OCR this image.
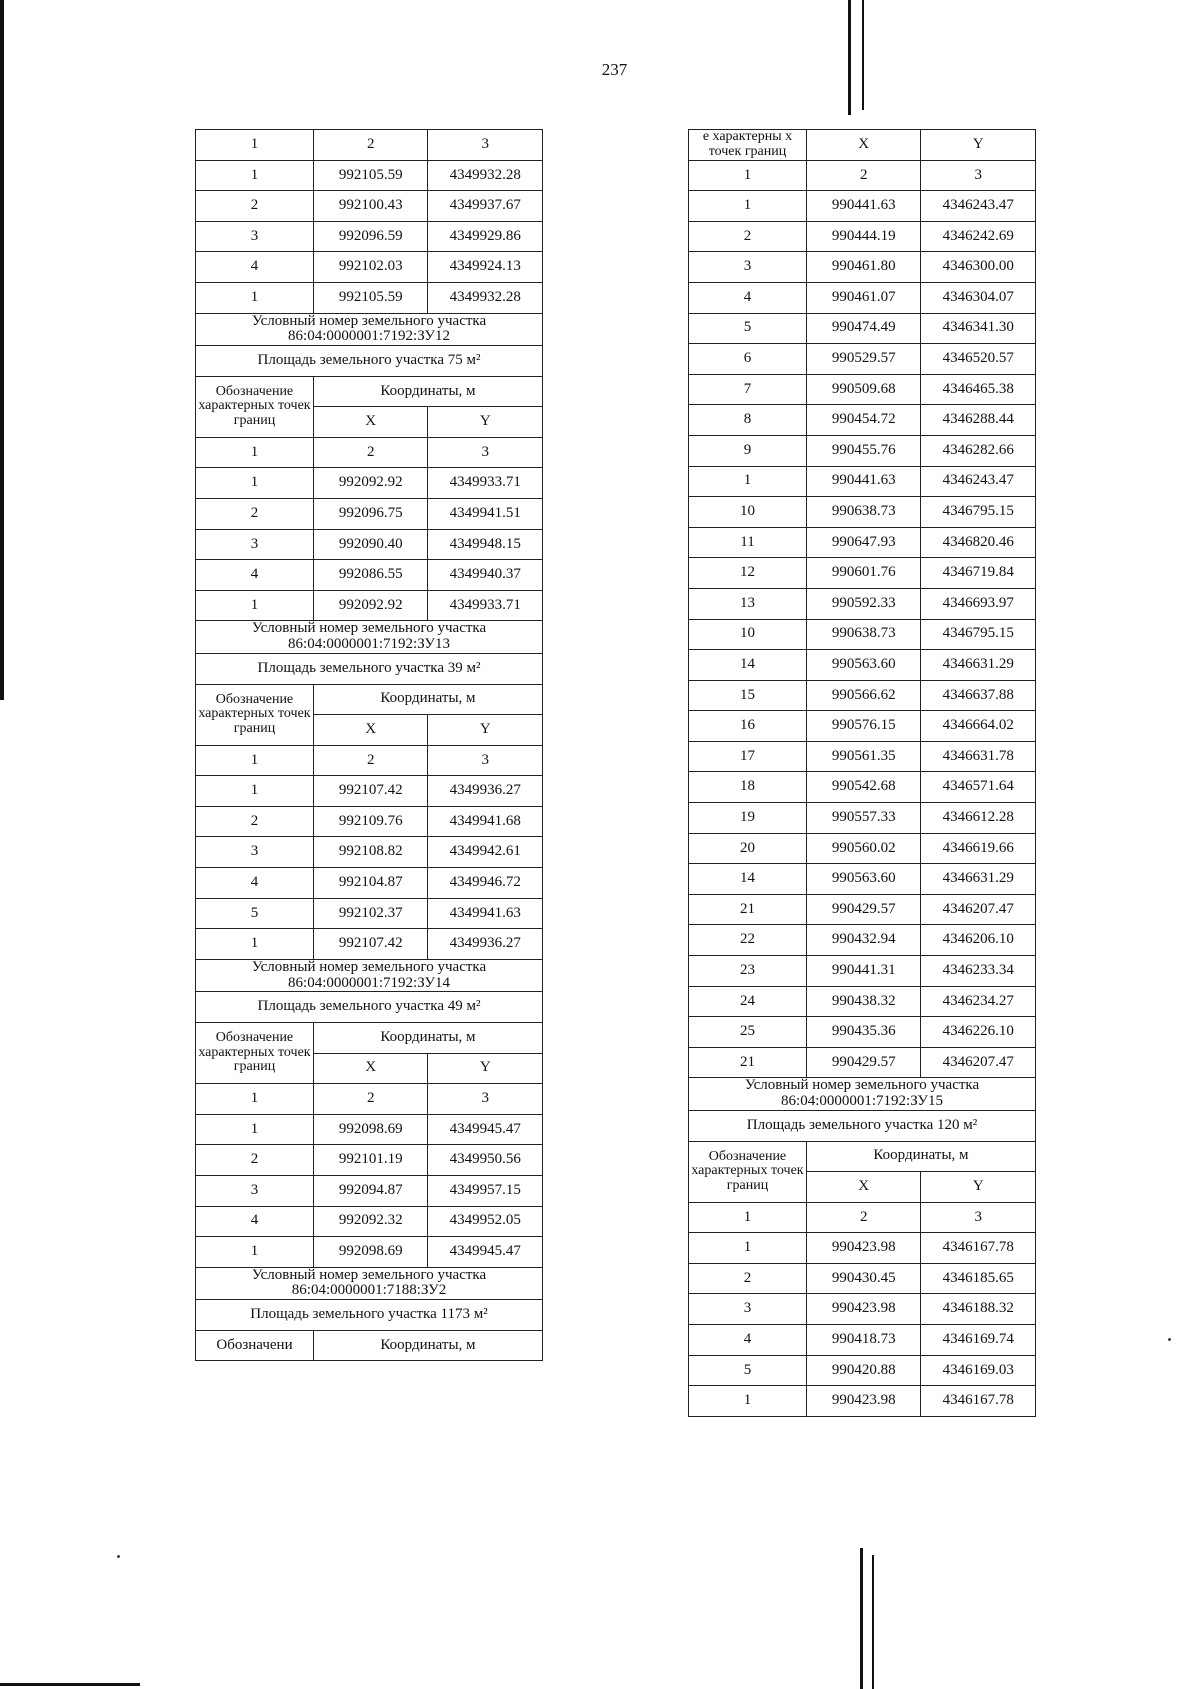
237
1	2	3
1	992105.59	4349932.28
2	992100.43	4349937.67
3	992096.59	4349929.86
4	992102.03	4349924.13
1	992105.59	4349932.28
Условный номер земельного участка 86:04:0000001:7192:ЗУ12		
Площадь земельного участка 75 м²		
Обозначение характерных точек границ	Координаты, м	
	X	Y
1	2	3
1	992092.92	4349933.71
2	992096.75	4349941.51
3	992090.40	4349948.15
4	992086.55	4349940.37
1	992092.92	4349933.71
Условный номер земельного участка 86:04:0000001:7192:ЗУ13		
Площадь земельного участка 39 м²		
Обозначение характерных точек границ	Координаты, м	
	X	Y
1	2	3
1	992107.42	4349936.27
2	992109.76	4349941.68
3	992108.82	4349942.61
4	992104.87	4349946.72
5	992102.37	4349941.63
1	992107.42	4349936.27
Условный номер земельного участка 86:04:0000001:7192:ЗУ14		
Площадь земельного участка 49 м²		
Обозначение характерных точек границ	Координаты, м	
	X	Y
1	2	3
1	992098.69	4349945.47
2	992101.19	4349950.56
3	992094.87	4349957.15
4	992092.32	4349952.05
1	992098.69	4349945.47
Условный номер земельного участка 86:04:0000001:7188:ЗУ2		
Площадь земельного участка 1173 м²		
Обозначени	Координаты, м	
е характерны х точек границ	X	Y
1	2	3
1	990441.63	4346243.47
2	990444.19	4346242.69
3	990461.80	4346300.00
4	990461.07	4346304.07
5	990474.49	4346341.30
6	990529.57	4346520.57
7	990509.68	4346465.38
8	990454.72	4346288.44
9	990455.76	4346282.66
1	990441.63	4346243.47
10	990638.73	4346795.15
11	990647.93	4346820.46
12	990601.76	4346719.84
13	990592.33	4346693.97
10	990638.73	4346795.15
14	990563.60	4346631.29
15	990566.62	4346637.88
16	990576.15	4346664.02
17	990561.35	4346631.78
18	990542.68	4346571.64
19	990557.33	4346612.28
20	990560.02	4346619.66
14	990563.60	4346631.29
21	990429.57	4346207.47
22	990432.94	4346206.10
23	990441.31	4346233.34
24	990438.32	4346234.27
25	990435.36	4346226.10
21	990429.57	4346207.47
Условный номер земельного участка 86:04:0000001:7192:ЗУ15		
Площадь земельного участка 120 м²		
Обозначение характерных точек границ	Координаты, м	
	X	Y
1	2	3
1	990423.98	4346167.78
2	990430.45	4346185.65
3	990423.98	4346188.32
4	990418.73	4346169.74
5	990420.88	4346169.03
1	990423.98	4346167.78
